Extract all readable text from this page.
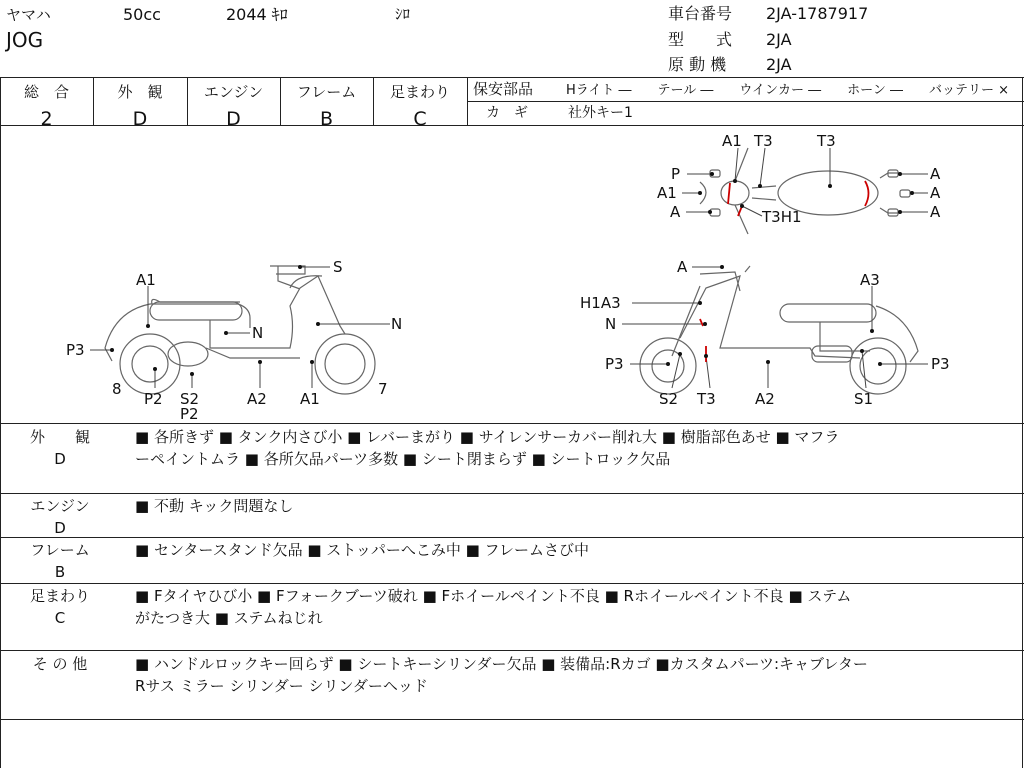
ヤマハ
JOG
50cc	2044 ｷﾛ	ｼﾛ	車台番号 2JA-1787917
型　　式 2JA
原 動 機 2JA
総　合
2
外　観
D
エンジン
D
フレーム
B
足まわり
C
保安部品	Hライト ―　　テール ―　　ウインカー ―　　ホーン ―　　バッテリー ×
カ　ギ	社外キー1
A1 T3	T3
P
A1
A	T3H1
A
A
A
S
A1
N	N
P3
8
P2 S2
P2
A2 A1
7
A
A3
H1A3
N
P3	P3
S2 T3	A2	S1
外　　観
D
■ 各所きず ■ タンク内さび小 ■ レバーまがり ■ サイレンサーカバー削れ大 ■ 樹脂部色あせ ■ マフラ
ーペイントムラ ■ 各所欠品パーツ多数 ■ シート閉まらず ■ シートロック欠品
エンジン
D
■ 不動 キック問題なし
フレーム
B
■ センタースタンド欠品 ■ ストッパーへこみ中 ■ フレームさび中
足まわり
C
■ Fタイヤひび小 ■ Fフォークブーツ破れ ■ Fホイールペイント不良 ■ Rホイールペイント不良 ■ ステム
がたつき大 ■ ステムねじれ
そ の 他	■ ハンドルロックキー回らず ■ シートキーシリンダー欠品 ■ 装備品:Rカゴ ■カスタムパーツ:キャブレター
Rサス ミラー シリンダー シリンダーヘッド
